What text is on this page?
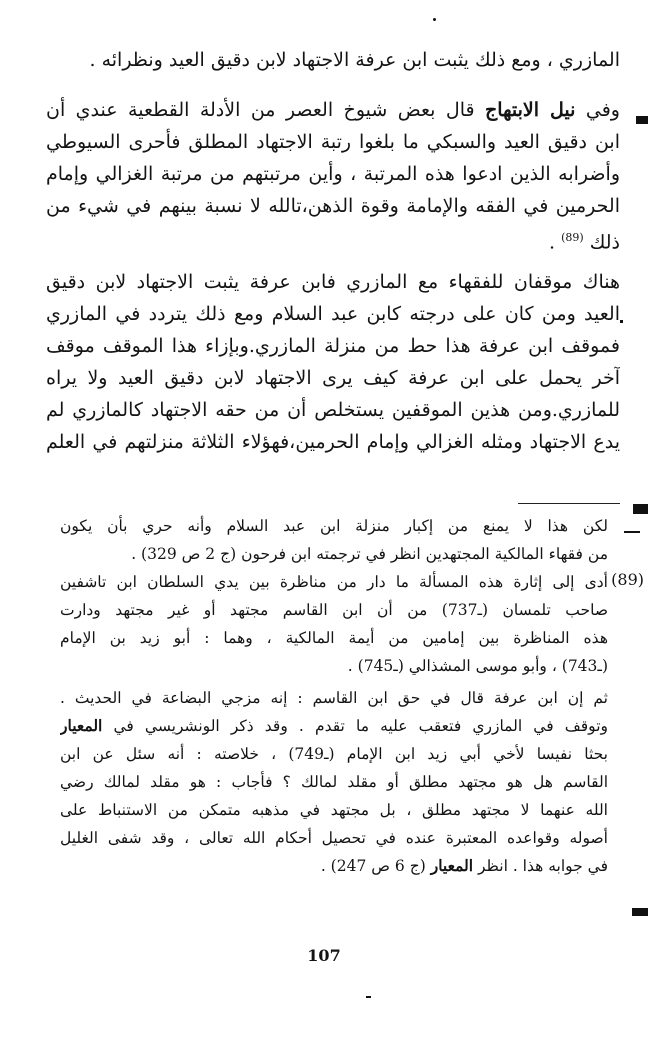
المازري ، ومع ذلك يثبت ابن عرفة الاجتهاد لابن دقيق العيد ونظرائه .
وفي نيل الابتهاج قال بعض شيوخ العصر من الأدلة القطعية عندي أن
ابن دقيق العيد والسبكي ما بلغوا رتبة الاجتهاد المطلق فأحرى السيوطي
وأضرابه الذين ادعوا هذه المرتبة ، وأين مرتبتهم من مرتبة الغزالي وإمام
الحرمين في الفقه والإمامة وقوة الذهن،تالله لا نسبة بينهم في شيء من
ذلك $^{(89)}$ .
هناك موقفان للفقهاء مع المازري فابن عرفة يثبت الاجتهاد لابن دقيق
العيد ومن كان على درجته كابن عبد السلام ومع ذلك يتردد في المازري
فموقف ابن عرفة هذا حط من منزلة المازري.وبإزاء هذا الموقف موقف
آخر يحمل على ابن عرفة كيف يرى الاجتهاد لابن دقيق العيد ولا يراه
للمازري.ومن هذين الموقفين يستخلص أن من حقه الاجتهاد كالمازري لم
يدع الاجتهاد ومثله الغزالي وإمام الحرمين،فهؤلاء الثلاثة منزلتهم في العلم
لكن هذا لا يمنع من إكبار منزلة ابن عبد السلام وأنه حري بأن يكون
من فقهاء المالكية المجتهدين انظر في ترجمته ابن فرحون (ج 2 ص 329) .
(89)
أدى إلى إثارة هذه المسألة ما دار من مناظرة بين يدي السلطان ابن تاشفين
صاحب تلمسان (ـ737) من أن ابن القاسم مجتهد أو غير مجتهد ودارت
هذه المناظرة بين إمامين من أيمة المالكية ، وهما : أبو زيد بن الإمام
(ـ743) ، وأبو موسى المشذالي (ـ745) .
ثم إن ابن عرفة قال في حق ابن القاسم : إنه مزجي البضاعة في الحديث .
وتوقف في المازري فتعقب عليه ما تقدم . وقد ذكر الونشريسي في المعيار
بحثا نفيسا لأخي أبي زيد ابن الإمام (ـ749) ، خلاصته : أنه سئل عن ابن
القاسم هل هو مجتهد مطلق أو مقلد لمالك ؟ فأجاب : هو مقلد لمالك رضي
الله عنهما لا مجتهد مطلق ، بل مجتهد في مذهبه متمكن من الاستنباط على
أصوله وقواعده المعتبرة عنده في تحصيل أحكام الله تعالى ، وقد شفى الغليل
في جوابه هذا . انظر المعيار (ج 6 ص 247) .
107
